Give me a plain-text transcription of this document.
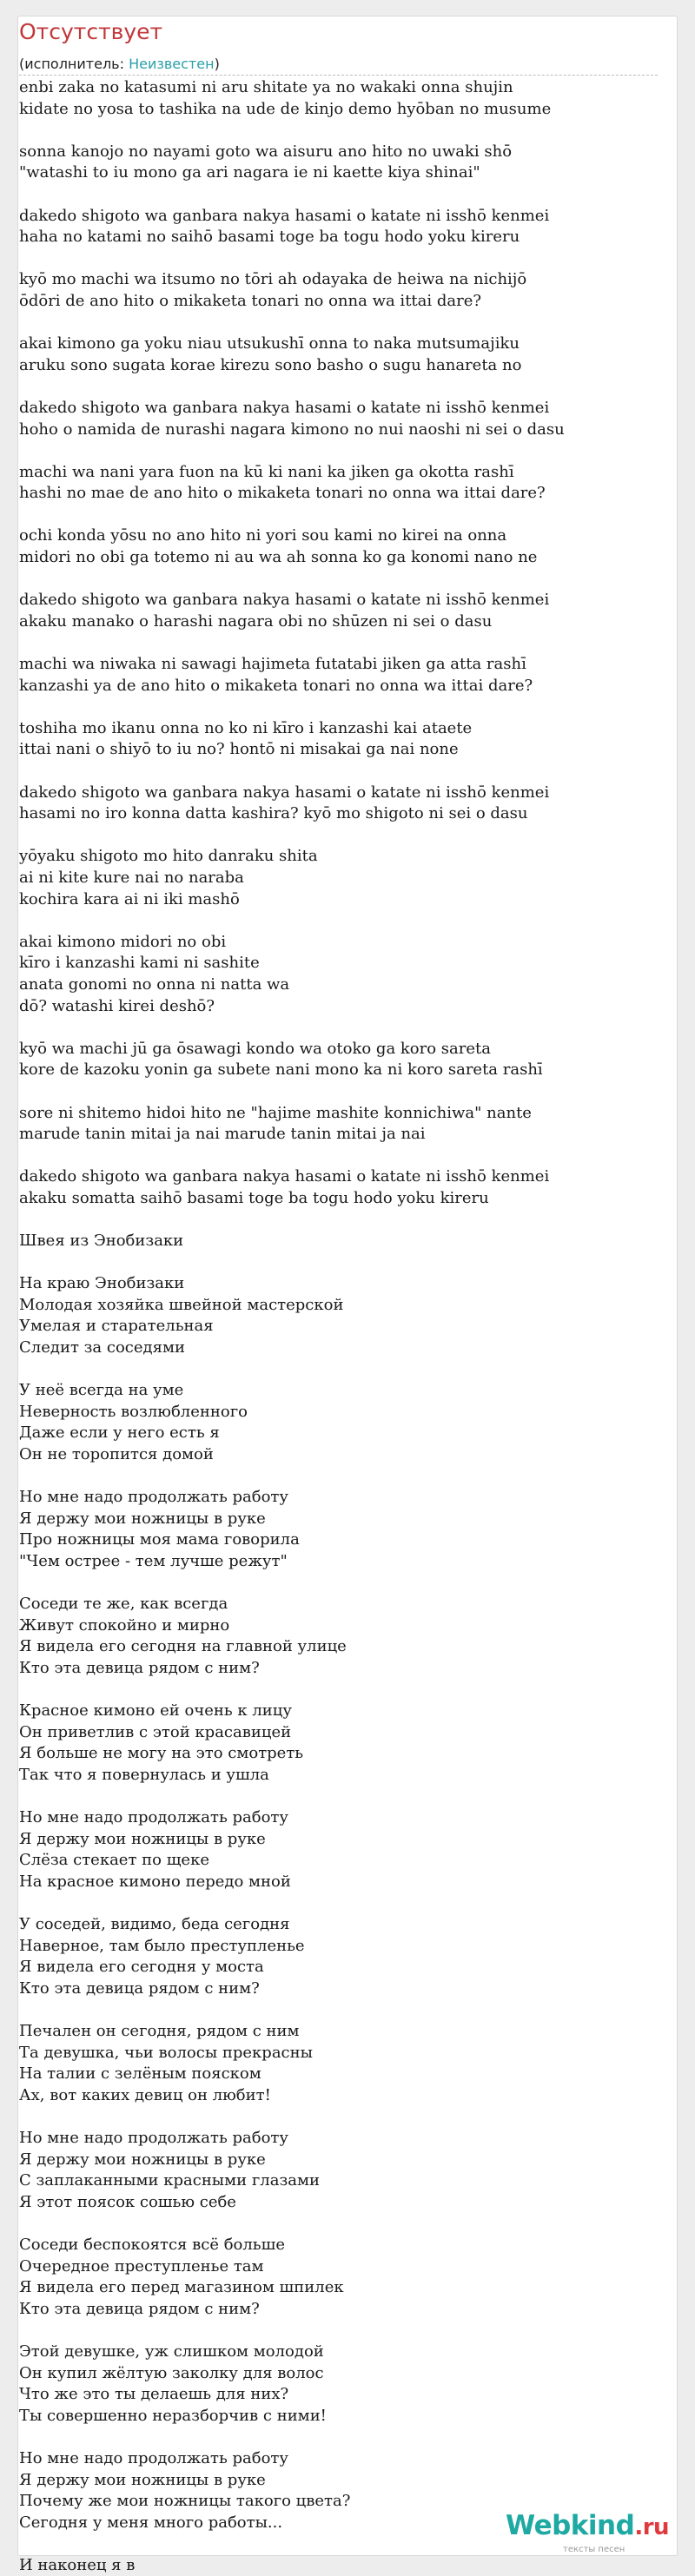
Отсутствует
(исполнитель: Неизвестен)
enbi zaka no katasumi ni aru shitate ya no wakaki onna shujin
kidate no yosa to tashika na ude de kinjo demo hyōban no musume

sonna kanojo no nayami goto wa aisuru ano hito no uwaki shō
"watashi to iu mono ga ari nagara ie ni kaette kiya shinai"

dakedo shigoto wa ganbara nakya hasami o katate ni isshō kenmei
haha no katami no saihō basami toge ba togu hodo yoku kireru

kyō mo machi wa itsumo no tōri ah odayaka de heiwa na nichijō
ōdōri de ano hito o mikaketa tonari no onna wa ittai dare?

akai kimono ga yoku niau utsukushī onna to naka mutsumajiku
aruku sono sugata korae kirezu sono basho o sugu hanareta no

dakedo shigoto wa ganbara nakya hasami o katate ni isshō kenmei
hoho o namida de nurashi nagara kimono no nui naoshi ni sei o dasu

machi wa nani yara fuon na kū ki nani ka jiken ga okotta rashī
hashi no mae de ano hito o mikaketa tonari no onna wa ittai dare?

ochi konda yōsu no ano hito ni yori sou kami no kirei na onna
midori no obi ga totemo ni au wa ah sonna ko ga konomi nano ne

dakedo shigoto wa ganbara nakya hasami o katate ni isshō kenmei
akaku manako o harashi nagara obi no shūzen ni sei o dasu

machi wa niwaka ni sawagi hajimeta futatabi jiken ga atta rashī
kanzashi ya de ano hito o mikaketa tonari no onna wa ittai dare?

toshiha mo ikanu onna no ko ni kīro i kanzashi kai ataete
ittai nani o shiyō to iu no? hontō ni misakai ga nai none

dakedo shigoto wa ganbara nakya hasami o katate ni isshō kenmei
hasami no iro konna datta kashira? kyō mo shigoto ni sei o dasu

yōyaku shigoto mo hito danraku shita
ai ni kite kure nai no naraba
kochira kara ai ni iki mashō

akai kimono midori no obi
kīro i kanzashi kami ni sashite
anata gonomi no onna ni natta wa
dō? watashi kirei deshō?

kyō wa machi jū ga ōsawagi kondo wa otoko ga koro sareta
kore de kazoku yonin ga subete nani mono ka ni koro sareta rashī

sore ni shitemo hidoi hito ne "hajime mashite konnichiwa" nante
marude tanin mitai ja nai marude tanin mitai ja nai

dakedo shigoto wa ganbara nakya hasami o katate ni isshō kenmei
akaku somatta saihō basami toge ba togu hodo yoku kireru

Швея из Энобизаки

На краю Энобизаки
Молодая хозяйка швейной мастерской
Умелая и старательная
Следит за соседями

У неё всегда на уме
Неверность возлюбленного
Даже если у него есть я
Он не торопится домой

Но мне надо продолжать работу
Я держу мои ножницы в руке
Про ножницы моя мама говорила
"Чем острее - тем лучше режут"

Соседи те же, как всегда
Живут спокойно и мирно
Я видела его сегодня на главной улице
Кто эта девица рядом с ним?

Красное кимоно ей очень к лицу
Он приветлив с этой красавицей
Я больше не могу на это смотреть
Так что я повернулась и ушла

Но мне надо продолжать работу
Я держу мои ножницы в руке
Слёза стекает по щеке
На красное кимоно передо мной

У соседей, видимо, беда сегодня
Наверное, там было преступленье
Я видела его сегодня у моста
Кто эта девица рядом с ним?

Печален он сегодня, рядом с ним
Та девушка, чьи волосы прекрасны
На талии с зелёным пояском
Ах, вот каких девиц он любит!

Но мне надо продолжать работу
Я держу мои ножницы в руке
С заплаканными красными глазами
Я этот поясок сошью себе

Соседи беспокоятся всё больше
Очередное преступленье там
Я видела его перед магазином шпилек
Кто эта девица рядом с ним?

Этой девушке, уж слишком молодой
Он купил жёлтую заколку для волос
Что же это ты делаешь для них?
Ты совершенно неразборчив с ними!

Но мне надо продолжать работу
Я держу мои ножницы в руке
Почему же мои ножницы такого цвета?
Сегодня у меня много работы...

И наконец я в
Webkind.ru
тексты песен
